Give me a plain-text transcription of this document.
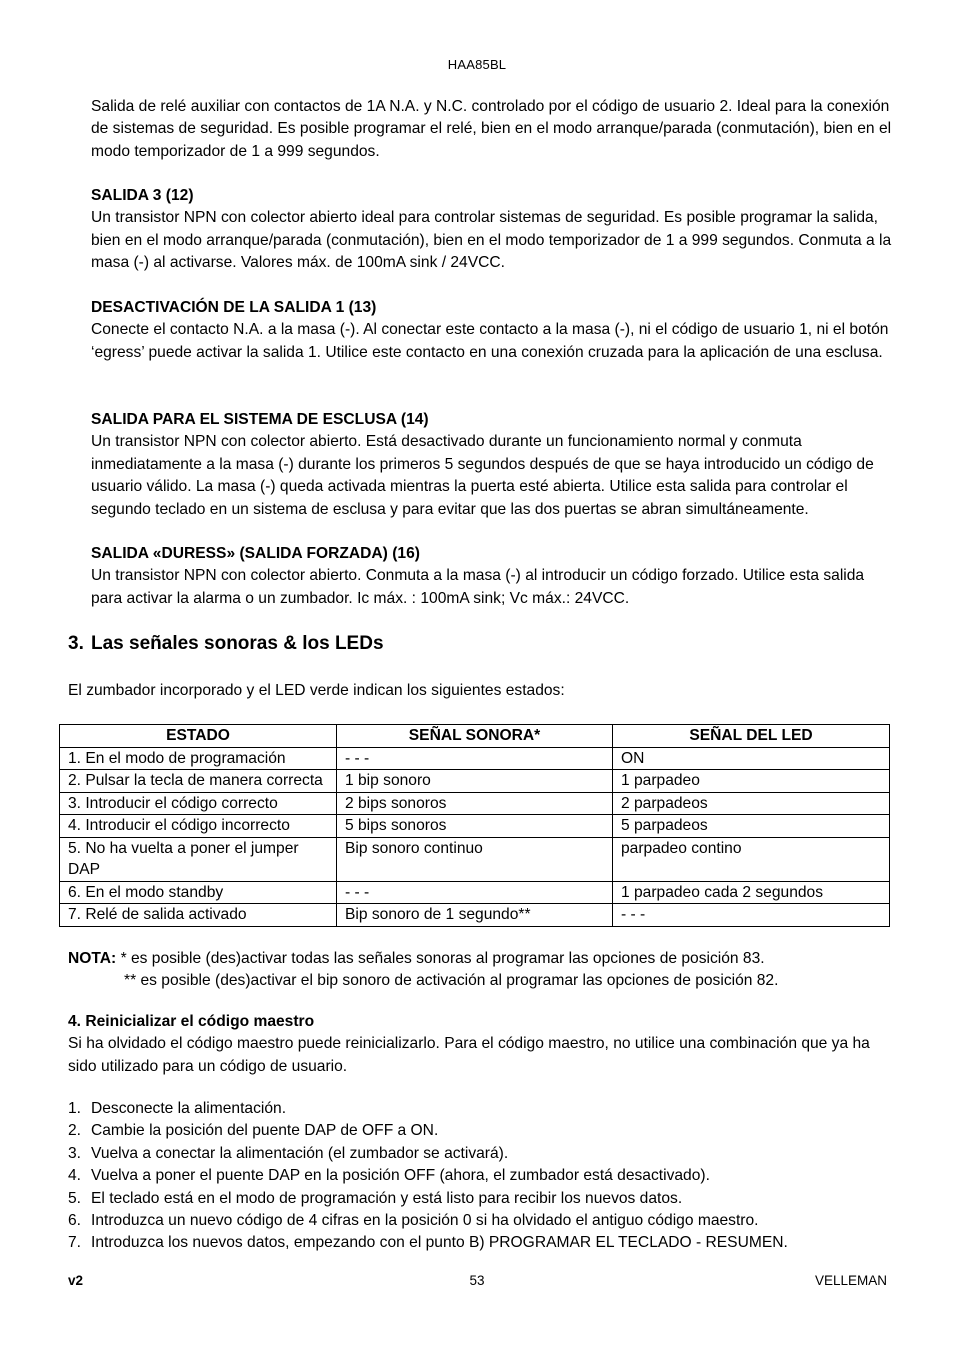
HAA85BL

Salida de relé auxiliar con contactos de 1A N.A. y N.C. controlado por el código de usuario 2. Ideal para la conexión de sistemas de seguridad. Es posible programar el relé, bien en el modo arranque/parada (conmutación), bien en el modo temporizador de 1 a 999 segundos.

SALIDA 3 (12)

Un transistor NPN con colector abierto ideal para controlar sistemas de seguridad. Es posible programar la salida, bien en el modo arranque/parada (conmutación), bien en el modo temporizador de 1 a 999 segundos. Conmuta a la masa (-) al activarse. Valores máx. de 100mA sink / 24VCC.

DESACTIVACIÓN DE LA SALIDA 1 (13)

Conecte el contacto N.A. a la masa (-). Al conectar este contacto a la masa (-), ni el código de usuario 1, ni el botón ‘egress’ puede activar la salida 1. Utilice este contacto en una conexión cruzada para la aplicación de una esclusa.

SALIDA PARA EL SISTEMA DE ESCLUSA (14)

Un transistor NPN con colector abierto. Está desactivado durante un funcionamiento normal y conmuta inmediatamente a la masa (-) durante los primeros 5 segundos después de que se haya introducido un código de usuario válido. La masa (-) queda activada mientras la puerta esté abierta. Utilice esta salida para controlar el segundo teclado en un sistema de esclusa y para evitar que las dos puertas se abran simultáneamente.

SALIDA «DURESS» (SALIDA FORZADA) (16)

Un transistor NPN con colector abierto. Conmuta a la masa (-) al introducir un código forzado. Utilice esta salida para activar la alarma o un zumbador. Ic máx. : 100mA sink; Vc máx.: 24VCC.

3. Las señales sonoras & los LEDs
El zumbador incorporado y el LED verde indican los siguientes estados:
ESTADO	SEÑAL SONORA*	SEÑAL DEL LED
1. En el modo de programación	- - -	ON
2. Pulsar la tecla de manera correcta	1 bip sonoro	1 parpadeo
3. Introducir el código correcto	2 bips sonoros	2 parpadeos
4. Introducir el código incorrecto	5 bips sonoros	5 parpadeos
5. No ha vuelta a poner el jumper DAP	Bip sonoro continuo	parpadeo contino
6. En el modo standby	- - -	1 parpadeo cada 2 segundos
7. Relé de salida activado	Bip sonoro de 1 segundo**	- - -
NOTA: * es posible (des)activar todas las señales sonoras al programar las opciones de posición 83.
** es posible (des)activar el bip sonoro de activación al programar las opciones de posición 82.
4. Reinicializar el código maestro

Si ha olvidado el código maestro puede reinicializarlo. Para el código maestro, no utilice una combinación que ya ha sido utilizado para un código de usuario.

1. Desconecte la alimentación.
2. Cambie la posición del puente DAP de OFF a ON.
3. Vuelva a conectar la alimentación (el zumbador se activará).
4. Vuelva a poner el puente DAP en la posición OFF (ahora, el zumbador está desactivado).
5. El teclado está en el modo de programación y está listo para recibir los nuevos datos.
6. Introduzca un nuevo código de 4 cifras en la posición 0 si ha olvidado el antiguo código maestro.
7. Introduzca los nuevos datos, empezando con el punto B) PROGRAMAR EL TECLADO - RESUMEN.
v2	53	VELLEMAN
